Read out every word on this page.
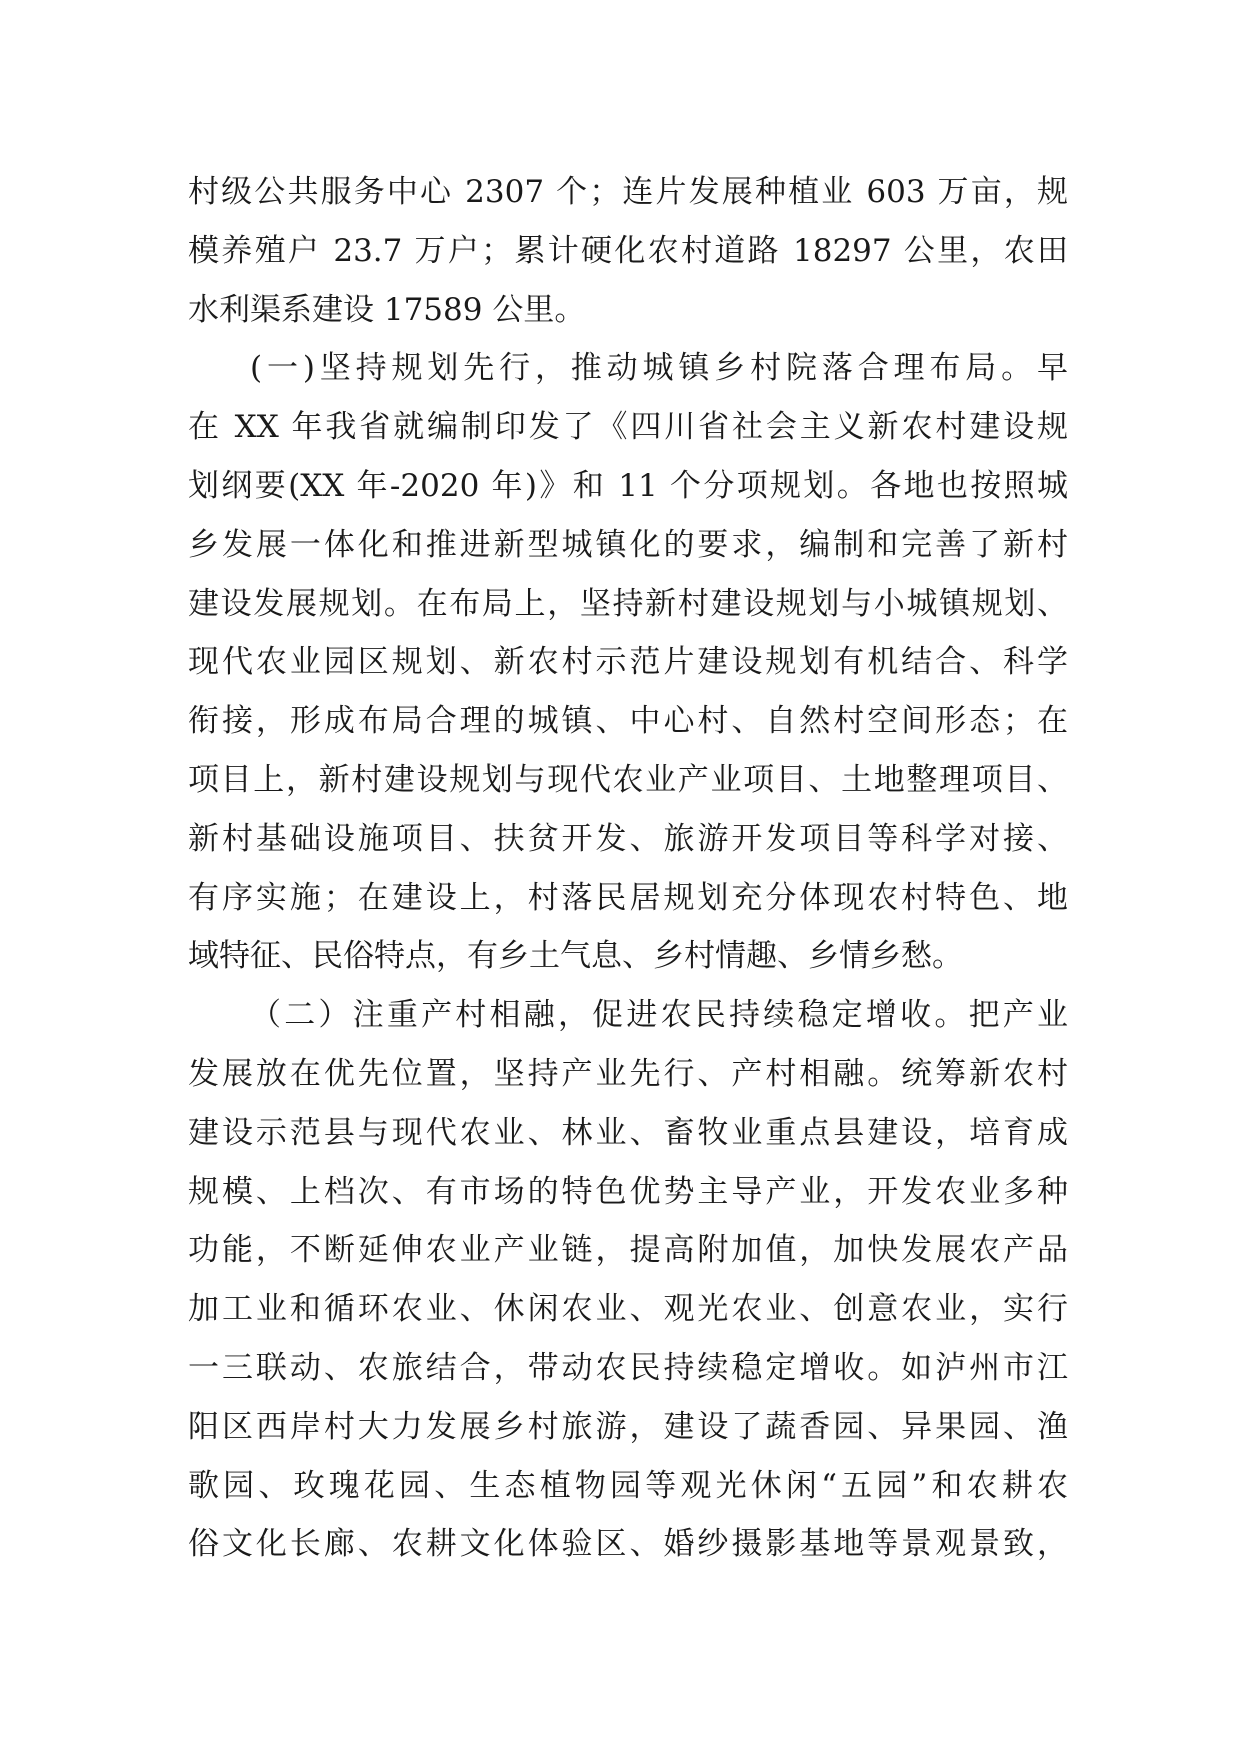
村级公共服务中心 2307 个；连片发展种植业 603 万亩，规
模养殖户 23.7 万户；累计硬化农村道路 18297 公里，农田
水利渠系建设 17589 公里。
(一)坚持规划先行，推动城镇乡村院落合理布局。早
在 XX 年我省就编制印发了《四川省社会主义新农村建设规
划纲要(XX 年-2020 年)》和 11 个分项规划。各地也按照城
乡发展一体化和推进新型城镇化的要求，编制和完善了新村
建设发展规划。在布局上，坚持新村建设规划与小城镇规划、
现代农业园区规划、新农村示范片建设规划有机结合、科学
衔接，形成布局合理的城镇、中心村、自然村空间形态；在
项目上，新村建设规划与现代农业产业项目、土地整理项目、
新村基础设施项目、扶贫开发、旅游开发项目等科学对接、
有序实施；在建设上，村落民居规划充分体现农村特色、地
域特征、民俗特点，有乡土气息、乡村情趣、乡情乡愁。
（二）注重产村相融，促进农民持续稳定增收。把产业
发展放在优先位置，坚持产业先行、产村相融。统筹新农村
建设示范县与现代农业、林业、畜牧业重点县建设，培育成
规模、上档次、有市场的特色优势主导产业，开发农业多种
功能，不断延伸农业产业链，提高附加值，加快发展农产品
加工业和循环农业、休闲农业、观光农业、创意农业，实行
一三联动、农旅结合，带动农民持续稳定增收。如泸州市江
阳区西岸村大力发展乡村旅游，建设了蔬香园、异果园、渔
歌园、玫瑰花园、生态植物园等观光休闲“五园”和农耕农
俗文化长廊、农耕文化体验区、婚纱摄影基地等景观景致，
